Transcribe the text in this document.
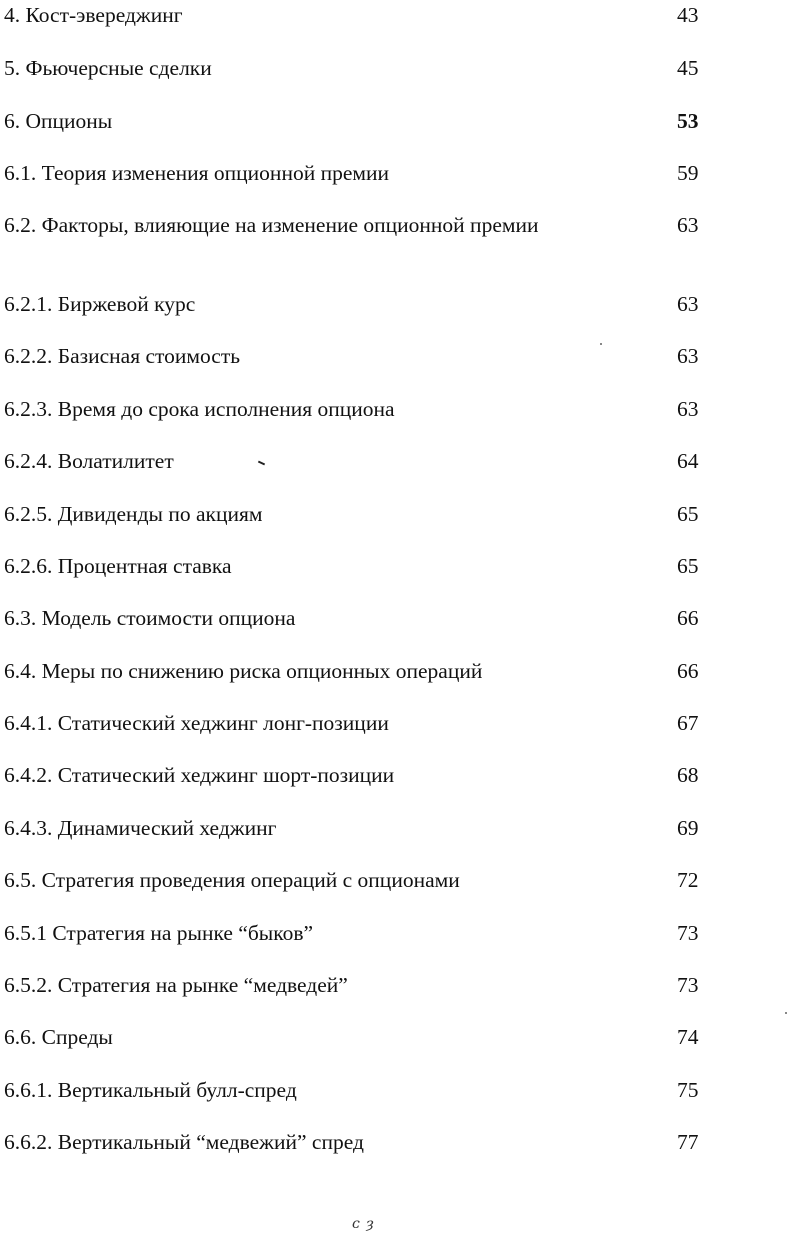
4. Кост-эвереджинг	43
5. Фьючерсные сделки	45
6. Опционы	53
6.1. Теория изменения опционной премии	59
6.2. Факторы, влияющие на изменение опционной премии	63
6.2.1. Биржевой курс	63
6.2.2. Базисная стоимость	63
6.2.3. Время до срока исполнения опциона	63
6.2.4. Волатилитет	64
6.2.5. Дивиденды по акциям	65
6.2.6. Процентная ставка	65
6.3. Модель стоимости опциона	66
6.4. Меры по снижению риска опционных операций	66
6.4.1. Статический хеджинг лонг-позиции	67
6.4.2. Статический хеджинг шорт-позиции	68
6.4.3. Динамический хеджинг	69
6.5. Стратегия проведения операций с опционами	72
6.5.1 Стратегия на рынке “быков”	73
6.5.2. Стратегия на рынке “медведей”	73
6.6. Спреды	74
6.6.1. Вертикальный булл-спред	75
6.6.2. Вертикальный “медвежий” спред	77
ᴄ ȝ
